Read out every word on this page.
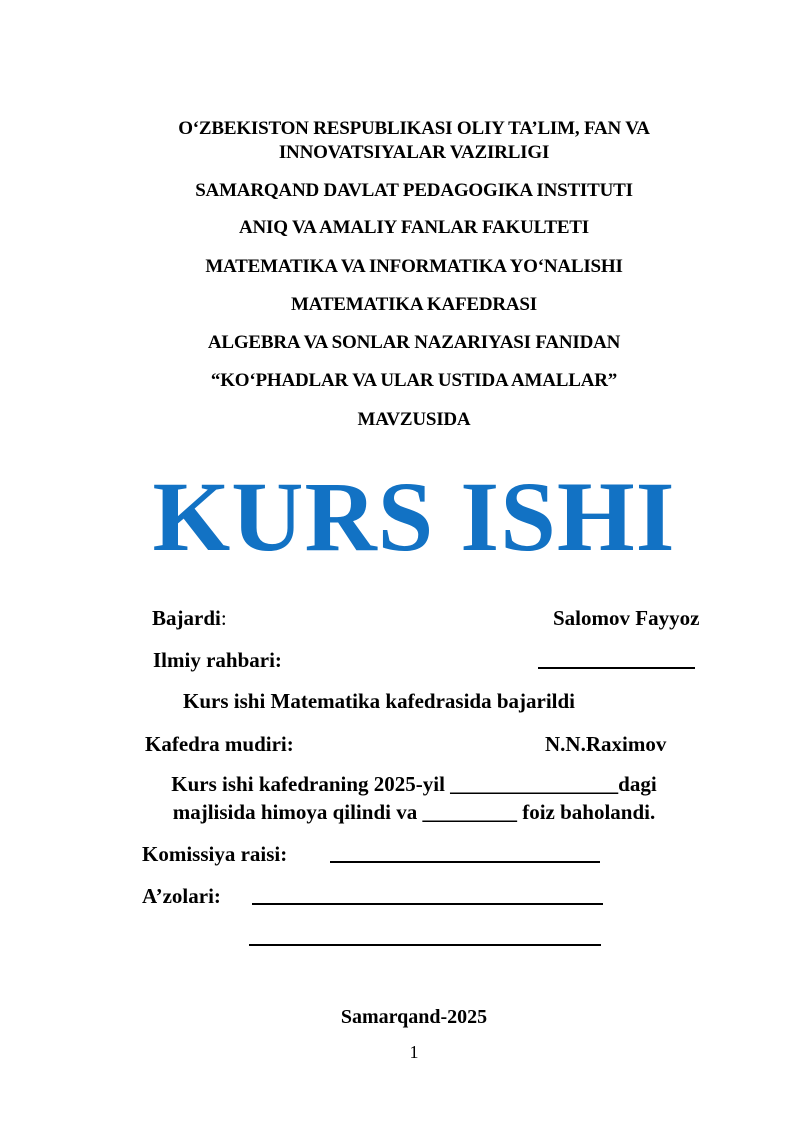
O‘ZBEKISTON RESPUBLIKASI OLIY TA’LIM, FAN VA
INNOVATSIYALAR VAZIRLIGI
SAMARQAND DAVLAT PEDAGOGIKA INSTITUTI
ANIQ VA AMALIY FANLAR FAKULTETI
MATEMATIKA VA INFORMATIKA YO‘NALISHI
MATEMATIKA KAFEDRASI
ALGEBRA VA SONLAR NAZARIYASI FANIDAN
“KO‘PHADLAR VA ULAR USTIDA AMALLAR”
MAVZUSIDA
KURS ISHI
Bajardi:	Salomov Fayyoz
Ilmiy rahbari:
Kurs ishi Matematika kafedrasida bajarildi
Kafedra mudiri:	N.N.Raximov
Kurs ishi kafedraning 2025-yil ________________dagi
majlisida himoya qilindi va _________ foiz baholandi.
Komissiya raisi:
A’zolari:
Samarqand-2025
1
